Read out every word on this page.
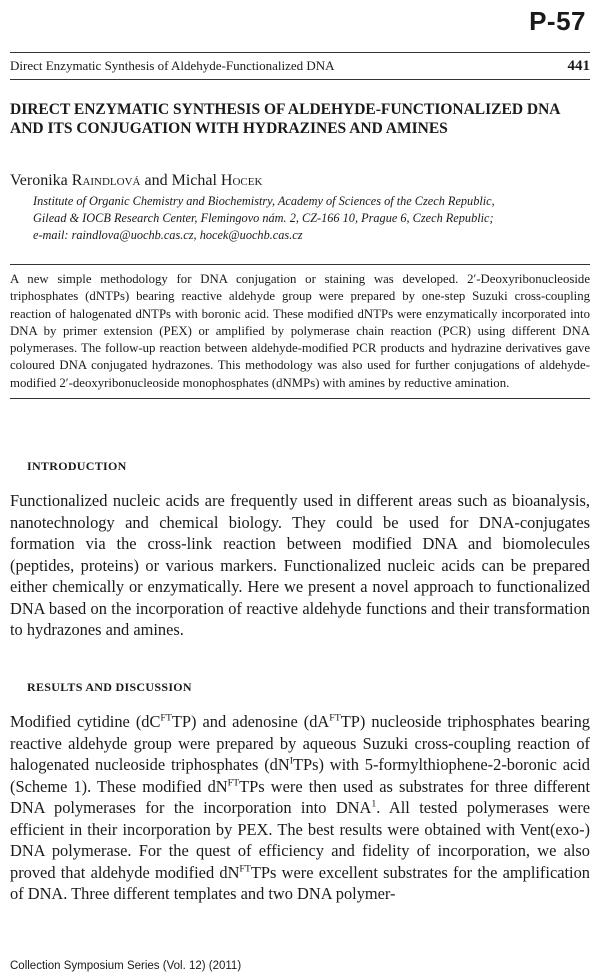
P-57
Direct Enzymatic Synthesis of Aldehyde-Functionalized DNA	441
DIRECT ENZYMATIC SYNTHESIS OF ALDEHYDE-FUNCTIONALIZED DNA AND ITS CONJUGATION WITH HYDRAZINES AND AMINES
Veronika Raindlová and Michal Hocek
Institute of Organic Chemistry and Biochemistry, Academy of Sciences of the Czech Republic,
Gilead & IOCB Research Center, Flemingovo nám. 2, CZ-166 10, Prague 6, Czech Republic;
e-mail: raindlova@uochb.cas.cz, hocek@uochb.cas.cz
A new simple methodology for DNA conjugation or staining was developed. 2′-Deoxyribonucleoside triphosphates (dNTPs) bearing reactive aldehyde group were prepared by one-step Suzuki cross-coupling reaction of halogenated dNTPs with boronic acid. These modified dNTPs were enzymatically incorporated into DNA by primer extension (PEX) or amplified by polymerase chain reaction (PCR) using different DNA polymerases. The follow-up reaction between aldehyde-modified PCR products and hydrazine derivatives gave coloured DNA conjugated hydrazones. This methodology was also used for further conjugations of aldehyde-modified 2′-deoxyribonucleoside monophosphates (dNMPs) with amines by reductive amination.
INTRODUCTION
Functionalized nucleic acids are frequently used in different areas such as bioanalysis, nanotechnology and chemical biology. They could be used for DNA-conjugates formation via the cross-link reaction between modified DNA and biomolecules (peptides, proteins) or various markers. Functionalized nucleic acids can be prepared either chemically or enzymatically. Here we present a novel approach to functionalized DNA based on the incorporation of reactive aldehyde functions and their transformation to hydrazones and amines.
RESULTS AND DISCUSSION
Modified cytidine $(dC^{FT}TP)$ and adenosine $(dA^{FT}TP)$ nucleoside triphosphates bearing reactive aldehyde group were prepared by aqueous Suzuki cross-coupling reaction of halogenated nucleoside triphosphates $(dN^ITPs)$ with 5-formylthiophene-2-boronic acid (Scheme 1). These modified $dN^{FT}TPs$ were then used as substrates for three different DNA polymerases for the incorporation into DNA$^1$. All tested polymerases were efficient in their incorporation by PEX. The best results were obtained with Vent(exo-) DNA polymerase. For the quest of efficiency and fidelity of incorporation, we also proved that aldehyde modified $dN^{FT}TPs$ were excellent substrates for the amplification of DNA. Three different templates and two DNA polymer-
Collection Symposium Series (Vol. 12) (2011)
